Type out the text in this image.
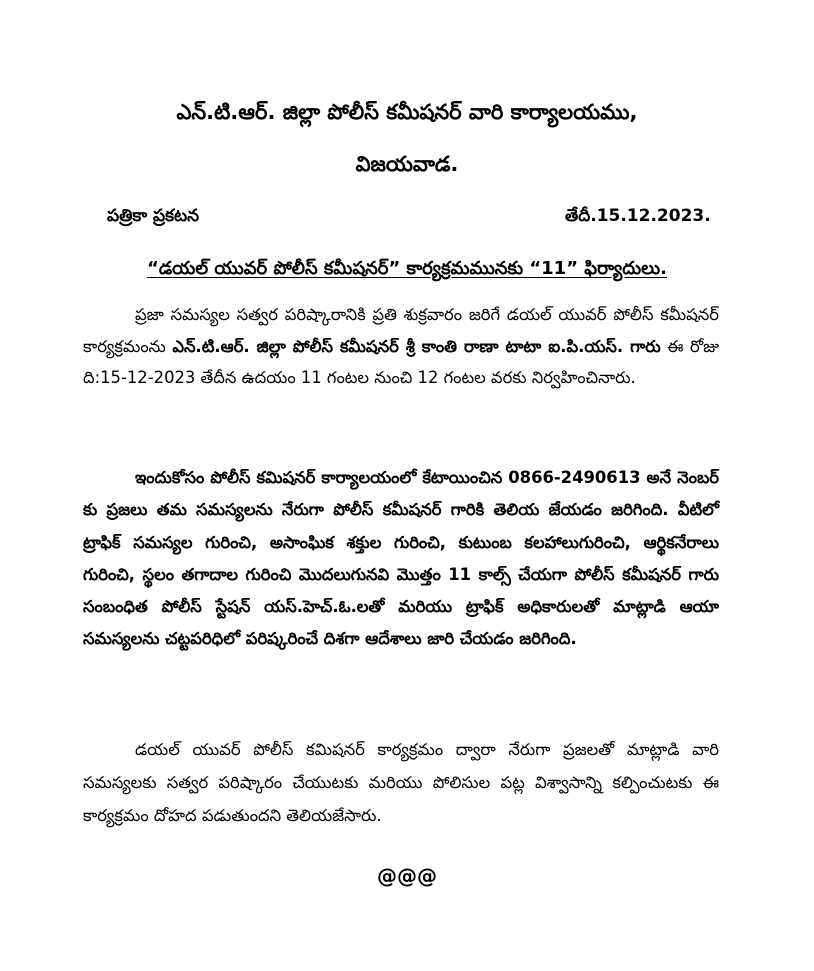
ఎన్.టి.ఆర్. జిల్లా పోలీస్ కమీషనర్ వారి కార్యాలయము,
విజయవాడ.
పత్రికా ప్రకటన	తేదీ.15.12.2023.
“డయల్ యువర్ పోలీస్ కమీషనర్” కార్యక్రమమునకు “11” ఫిర్యాదులు.

ప్రజా సమస్యల సత్వర పరిష్కారానికి ప్రతి శుక్రవారం జరిగే డయల్ యువర్ పోలీస్ కమీషనర్ కార్యక్రమంను ఎన్.టి.ఆర్. జిల్లా పోలీస్ కమీషనర్ శ్రీ కాంతి రాణా టాటా ఐ.పి.యస్. గారు ఈ రోజు ది:15-12-2023 తేదీన ఉదయం 11 గంటల నుంచి 12 గంటల వరకు నిర్వహించినారు.

ఇందుకోసం పోలీస్ కమిషనర్ కార్యాలయంలో కేటాయించిన 0866-2490613 అనే నెంబర్ కు ప్రజలు తమ సమస్యలను నేరుగా పోలీస్ కమీషనర్ గారికి తెలియ జేయడం జరిగింది. వీటిలో ట్రాఫిక్ సమస్యల గురించి, అసాంఘిక శక్తుల గురించి, కుటుంబ కలహాలుగురించి, ఆర్థికనేరాలు గురించి, స్థలం తగాదాల గురించి మొదలుగునవి మొత్తం 11 కాల్స్ చేయగా పోలీస్ కమీషనర్ గారు సంబంధిత పోలీస్ స్టేషన్ యస్.హెచ్.ఓ.లతో మరియు ట్రాఫిక్ అధికారులతో మాట్లాడి ఆయా సమస్యలను చట్టపరిధిలో పరిష్కరించే దిశగా ఆదేశాలు జారి చేయడం జరిగింది.

డయల్ యువర్ పోలీస్ కమిషనర్ కార్యక్రమం ద్వారా నేరుగా ప్రజలతో మాట్లాడి వారి సమస్యలకు సత్వర పరిష్కారం చేయుటకు మరియు పోలిసుల పట్ల విశ్వాసాన్ని కల్పించుటకు ఈ కార్యక్రమం దోహద పడుతుందని తెలియజేసారు.

@@@
